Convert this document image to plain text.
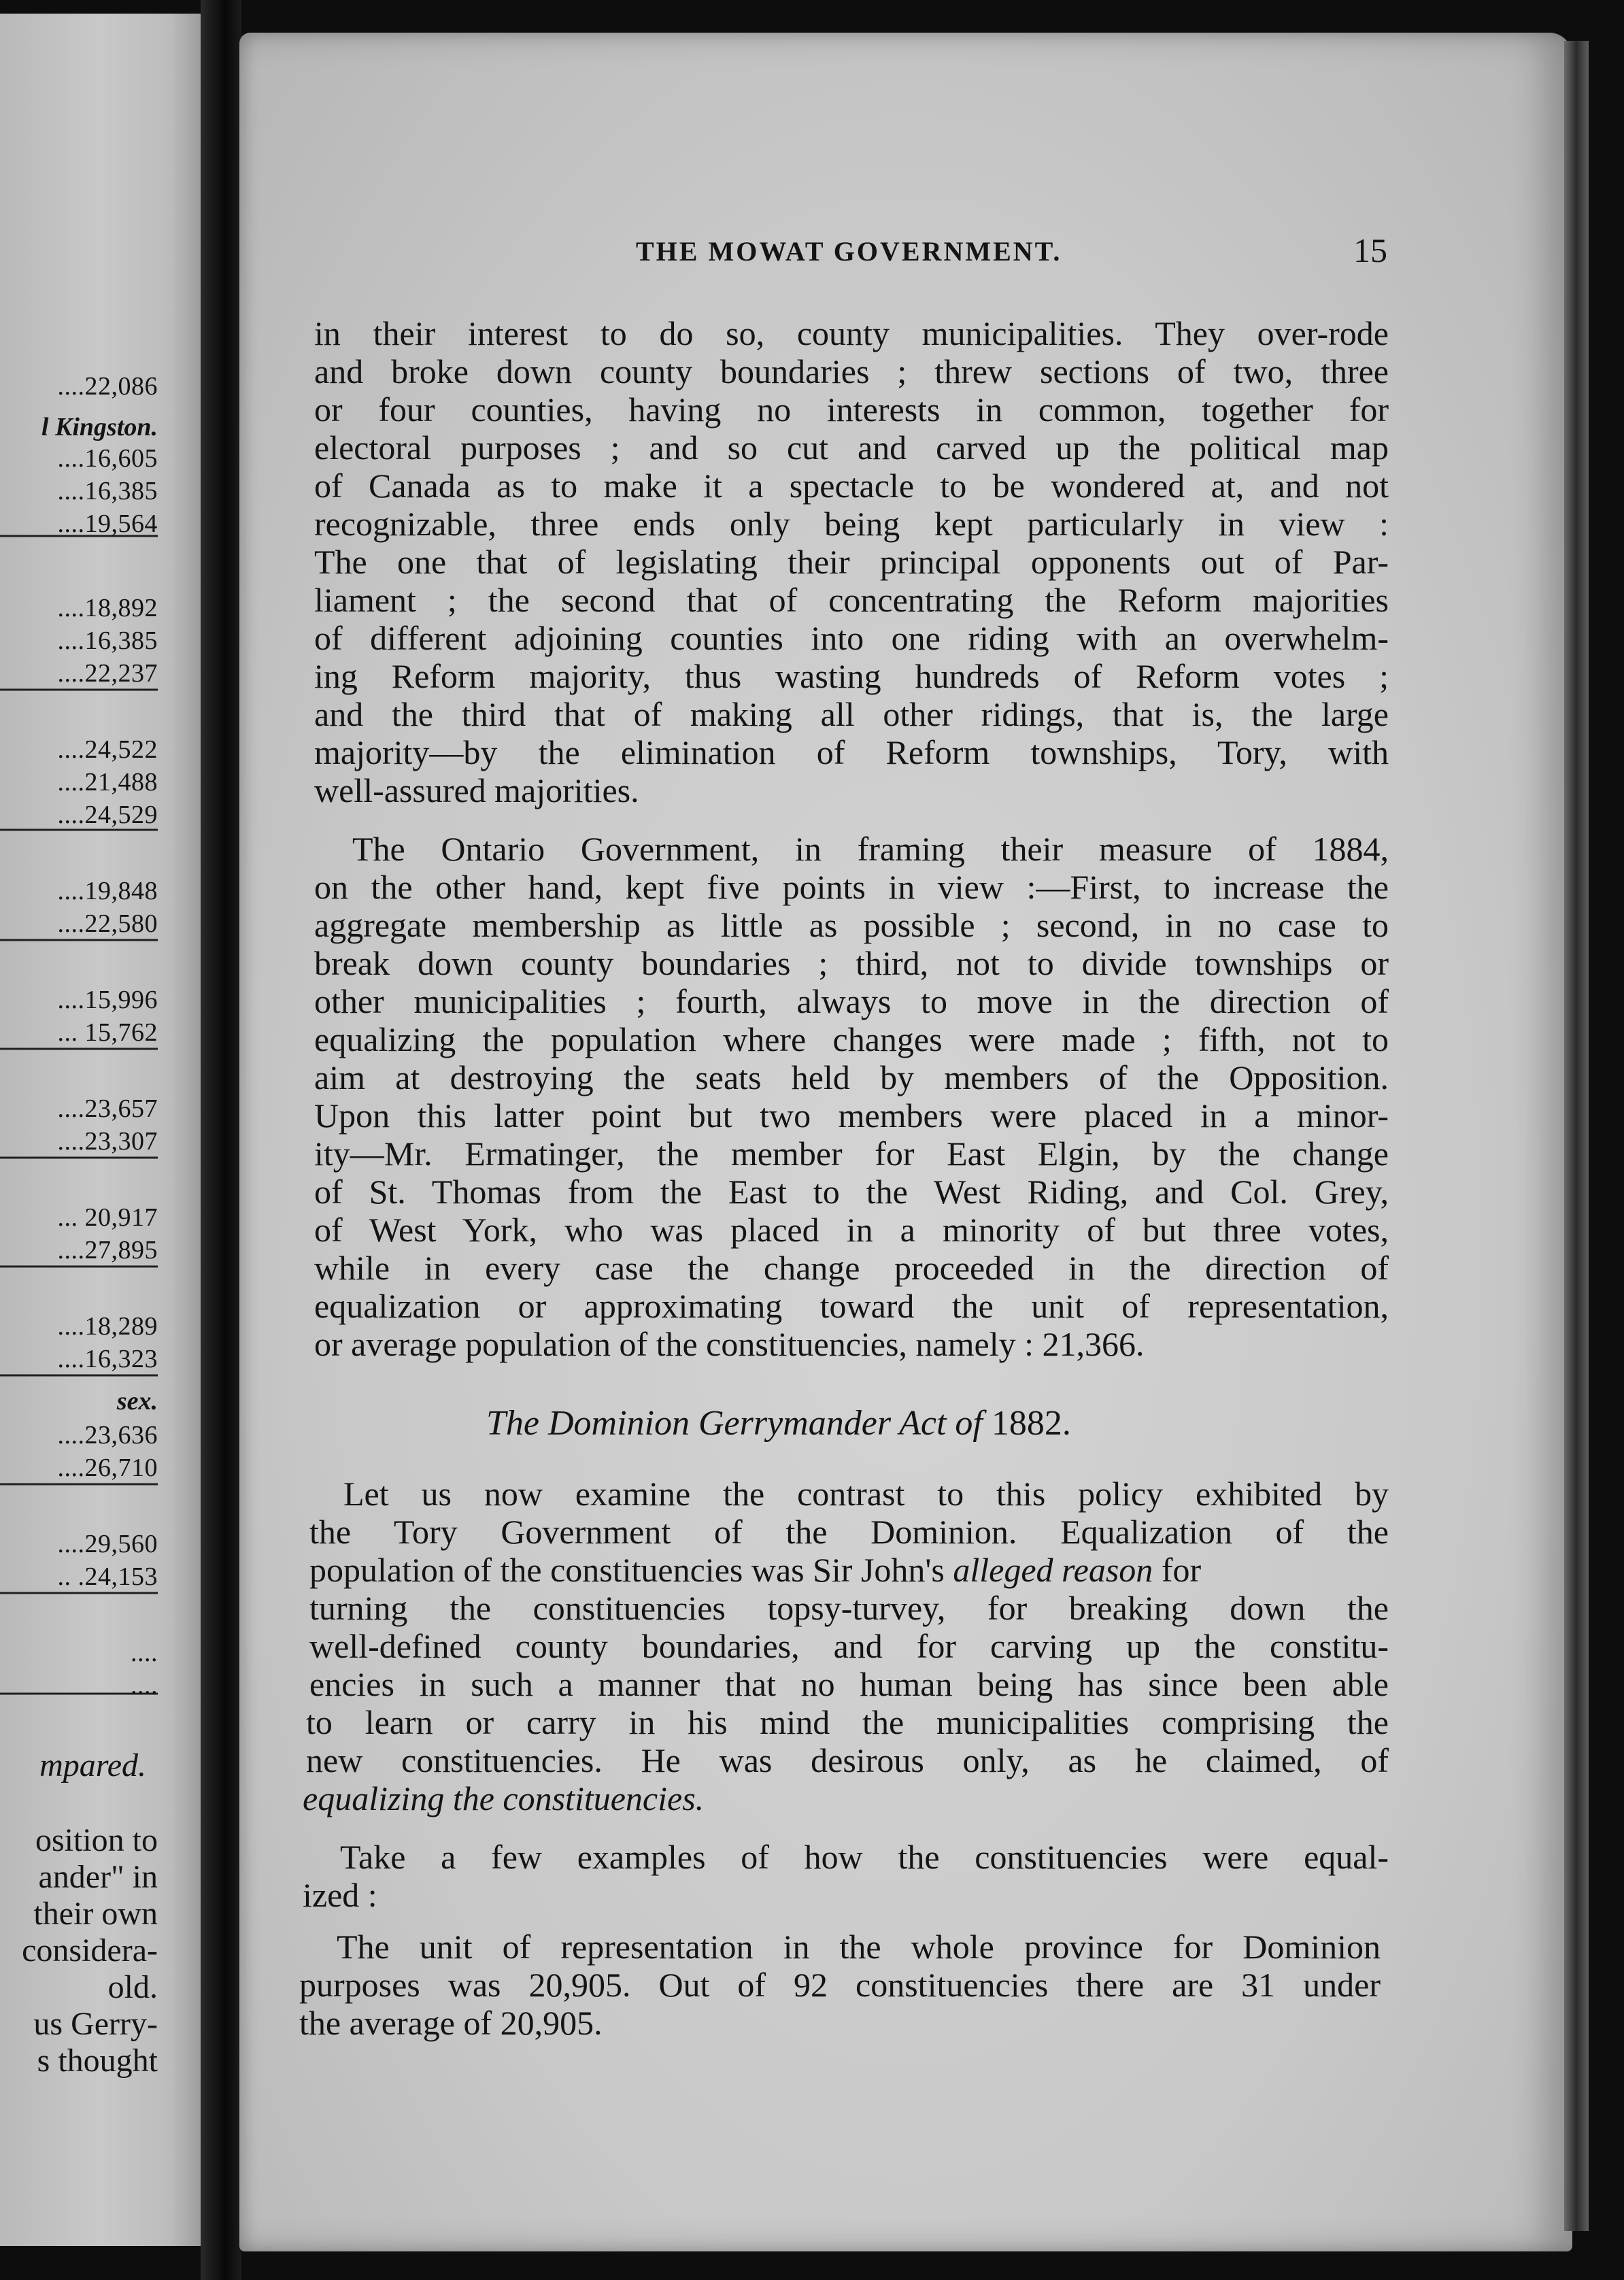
....22,086
l Kingston.
....16,605
....16,385
....19,564
....18,892
....16,385
....22,237
....24,522
....21,488
....24,529
....19,848
....22,580
....15,996
... 15,762
....23,657
....23,307
... 20,917
....27,895
....18,289
....16,323
sex.
....23,636
....26,710
....29,560
.. .24,153
....
....
mpared.
osition to
ander" in
their own
considera-
old.
us Gerry-
s thought
THE MOWAT GOVERNMENT.	15
in their interest to do so, county municipalities. They over-rode
and broke down county boundaries ; threw sections of two, three
or four counties, having no interests in common, together for
electoral purposes ; and so cut and carved up the political map
of Canada as to make it a spectacle to be wondered at, and not
recognizable, three ends only being kept particularly in view :
The one that of legislating their principal opponents out of Par-
liament ; the second that of concentrating the Reform majorities
of different adjoining counties into one riding with an overwhelm-
ing Reform majority, thus wasting hundreds of Reform votes ;
and the third that of making all other ridings, that is, the large
majority—by the elimination of Reform townships, Tory, with
well-assured majorities.
The Ontario Government, in framing their measure of 1884,
on the other hand, kept five points in view :—First, to increase the
aggregate membership as little as possible ; second, in no case to
break down county boundaries ; third, not to divide townships or
other municipalities ; fourth, always to move in the direction of
equalizing the population where changes were made ; fifth, not to
aim at destroying the seats held by members of the Opposition.
Upon this latter point but two members were placed in a minor-
ity—Mr. Ermatinger, the member for East Elgin, by the change
of St. Thomas from the East to the West Riding, and Col. Grey,
of West York, who was placed in a minority of but three votes,
while in every case the change proceeded in the direction of
equalization or approximating toward the unit of representation,
or average population of the constituencies, namely : 21,366.
The Dominion Gerrymander Act of 1882.
Let us now examine the contrast to this policy exhibited by
the Tory Government of the Dominion. Equalization of the
population of the constituencies was Sir John's alleged reason for
turning the constituencies topsy-turvey, for breaking down the
well-defined county boundaries, and for carving up the constitu-
encies in such a manner that no human being has since been able
to learn or carry in his mind the municipalities comprising the
new constituencies. He was desirous only, as he claimed, of
equalizing the constituencies.
Take a few examples of how the constituencies were equal-
ized :
The unit of representation in the whole province for Dominion
purposes was 20,905. Out of 92 constituencies there are 31 under
the average of 20,905.
